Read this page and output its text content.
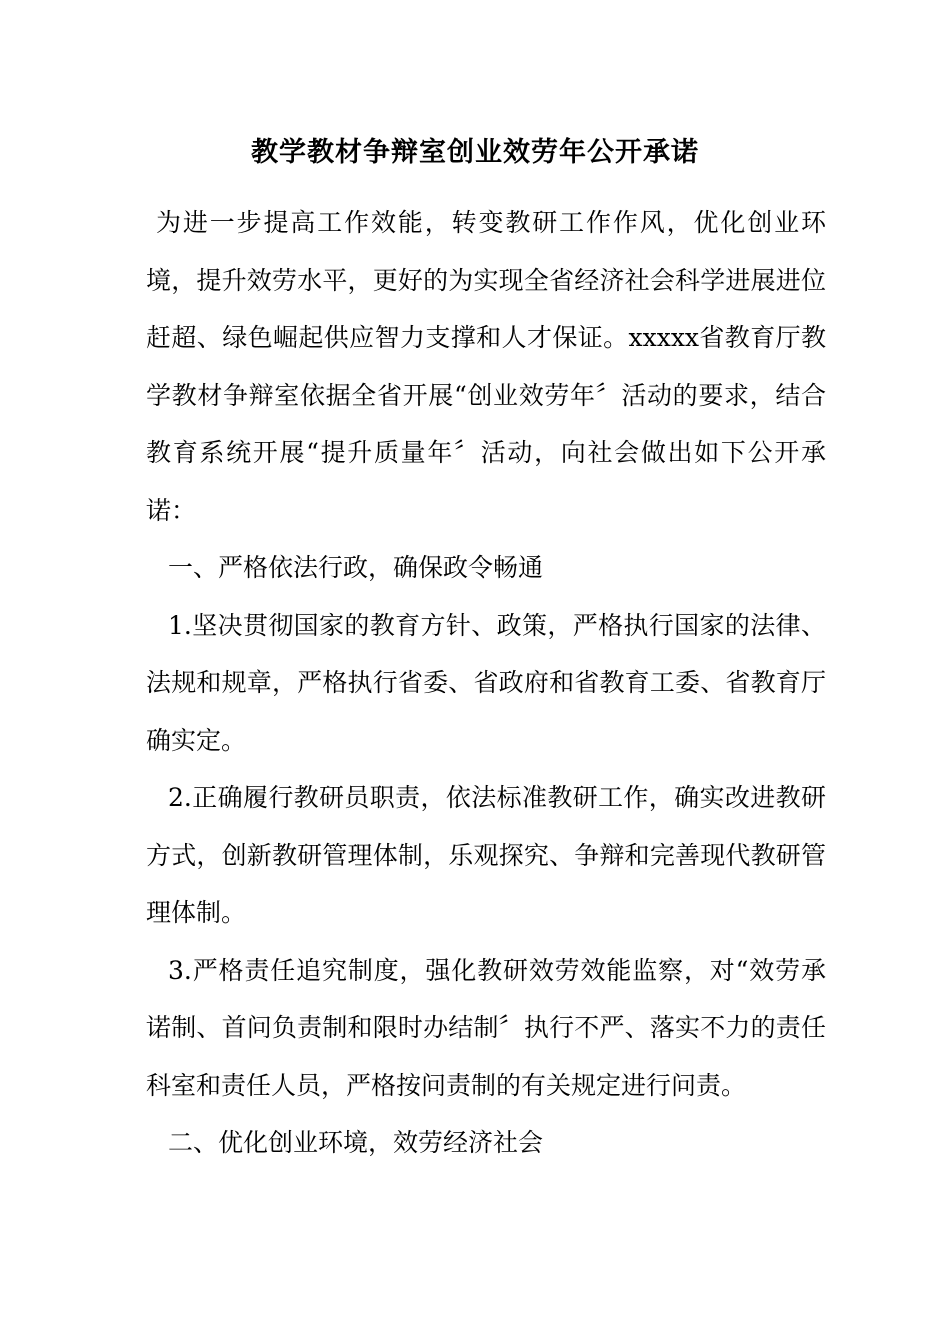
教学教材争辩室创业效劳年公开承诺

为进一步提高工作效能，转变教研工作作风，优化创业环境，提升效劳水平，更好的为实现全省经济社会科学进展进位赶超、绿色崛起供应智力支撑和人才保证。xxxxx省教育厅教学教材争辩室依据全省开展“创业效劳年〞活动的要求，结合教育系统开展“提升质量年〞活动，向社会做出如下公开承诺：

一、严格依法行政，确保政令畅通

1.坚决贯彻国家的教育方针、政策，严格执行国家的法律、法规和规章，严格执行省委、省政府和省教育工委、省教育厅确实定。

2.正确履行教研员职责，依法标准教研工作，确实改进教研方式，创新教研管理体制，乐观探究、争辩和完善现代教研管理体制。

3.严格责任追究制度，强化教研效劳效能监察，对“效劳承诺制、首问负责制和限时办结制〞执行不严、落实不力的责任科室和责任人员，严格按问责制的有关规定进行问责。

二、优化创业环境，效劳经济社会
